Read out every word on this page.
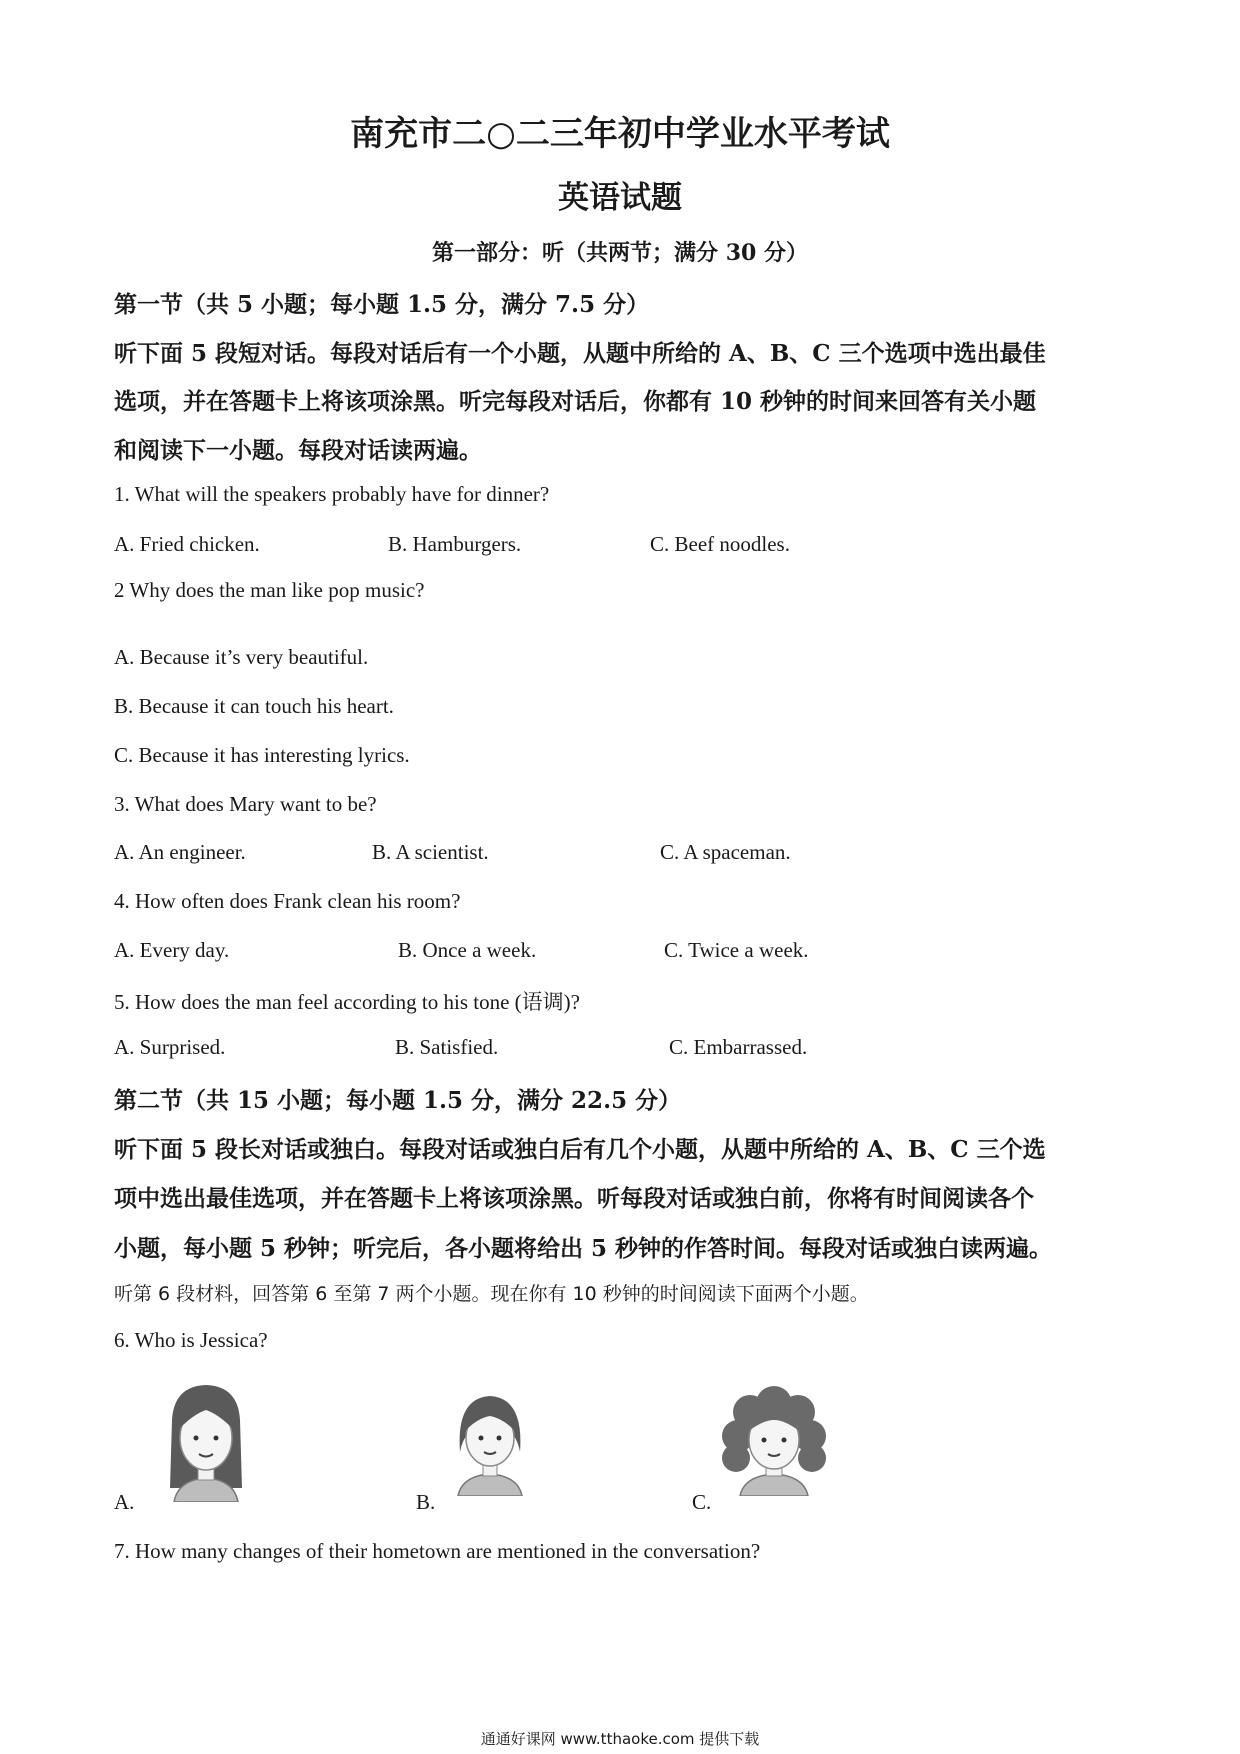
南充市二○二三年初中学业水平考试
英语试题
第一部分：听（共两节；满分 30 分）
第一节（共 5 小题；每小题 1.5 分，满分 7.5 分）
听下面 5 段短对话。每段对话后有一个小题，从题中所给的 A、B、C 三个选项中选出最佳
选项，并在答题卡上将该项涂黑。听完每段对话后，你都有 10 秒钟的时间来回答有关小题
和阅读下一小题。每段对话读两遍。
1. What will the speakers probably have for dinner?
A. Fried chicken.	B. Hamburgers.	C. Beef noodles.
2 Why does the man like pop music?
A. Because it’s very beautiful.
B. Because it can touch his heart.
C. Because it has interesting lyrics.
3. What does Mary want to be?
A. An engineer.	B. A scientist.	C. A spaceman.
4. How often does Frank clean his room?
A. Every day.	B. Once a week.	C. Twice a week.
5. How does the man feel according to his tone (语调)?
A. Surprised.	B. Satisfied.	C. Embarrassed.
第二节（共 15 小题；每小题 1.5 分，满分 22.5 分）
听下面 5 段长对话或独白。每段对话或独白后有几个小题，从题中所给的 A、B、C 三个选
项中选出最佳选项，并在答题卡上将该项涂黑。听每段对话或独白前，你将有时间阅读各个
小题，每小题 5 秒钟；听完后，各小题将给出 5 秒钟的作答时间。每段对话或独白读两遍。
听第 6 段材料，回答第 6 至第 7 两个小题。现在你有 10 秒钟的时间阅读下面两个小题。
6. Who is Jessica?
A.	B.	C.
7. How many changes of their hometown are mentioned in the conversation?
通通好课网 www.tthaoke.com 提供下载
